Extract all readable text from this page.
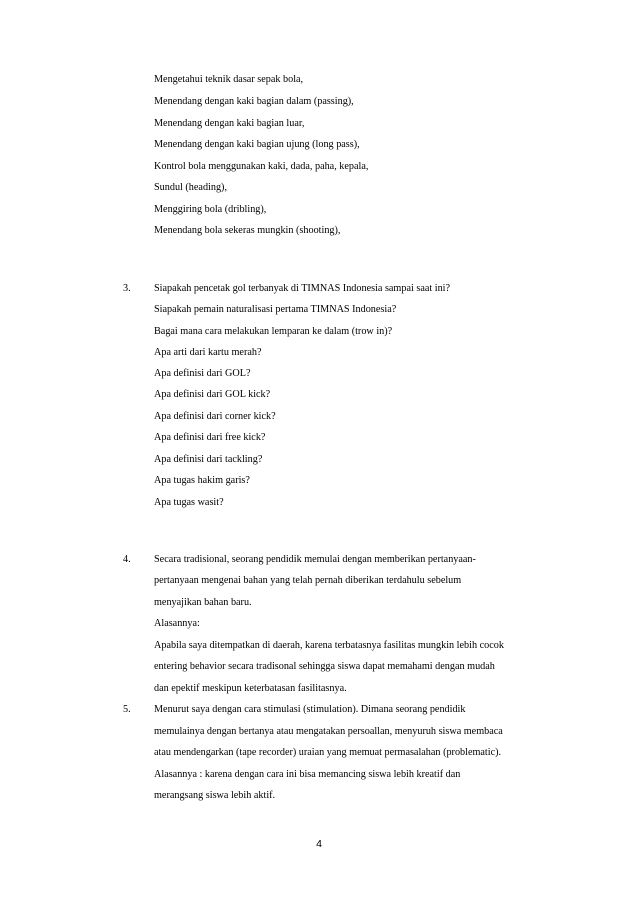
Mengetahui teknik dasar sepak bola,
Menendang dengan kaki bagian dalam (passing),
Menendang dengan kaki bagian luar,
Menendang dengan kaki bagian ujung (long pass),
Kontrol bola menggunakan kaki, dada, paha, kepala,
Sundul (heading),
Menggiring bola (dribling),
Menendang bola sekeras mungkin (shooting),
3. Siapakah pencetak gol terbanyak di TIMNAS Indonesia sampai saat ini?
Siapakah pemain naturalisasi pertama TIMNAS Indonesia?
Bagai mana cara melakukan lemparan ke dalam (trow in)?
Apa arti dari kartu merah?
Apa definisi dari GOL?
Apa definisi dari GOL kick?
Apa definisi dari corner kick?
Apa definisi dari free kick?
Apa definisi dari tackling?
Apa tugas hakim garis?
Apa tugas wasit?
4. Secara tradisional, seorang pendidik memulai dengan memberikan pertanyaan-
pertanyaan mengenai bahan yang telah pernah diberikan terdahulu sebelum
menyajikan bahan baru.
Alasannya:
Apabila saya ditempatkan di daerah, karena terbatasnya fasilitas mungkin lebih cocok
entering behavior secara tradisonal sehingga siswa dapat memahami dengan mudah
dan epektif meskipun keterbatasan fasilitasnya.
5. Menurut saya dengan cara stimulasi (stimulation). Dimana seorang pendidik
memulainya dengan bertanya atau mengatakan persoallan, menyuruh siswa membaca
atau mendengarkan (tape recorder) uraian yang memuat permasalahan (problematic).
Alasannya : karena dengan cara ini bisa memancing siswa lebih kreatif dan
merangsang siswa lebih aktif.
4
